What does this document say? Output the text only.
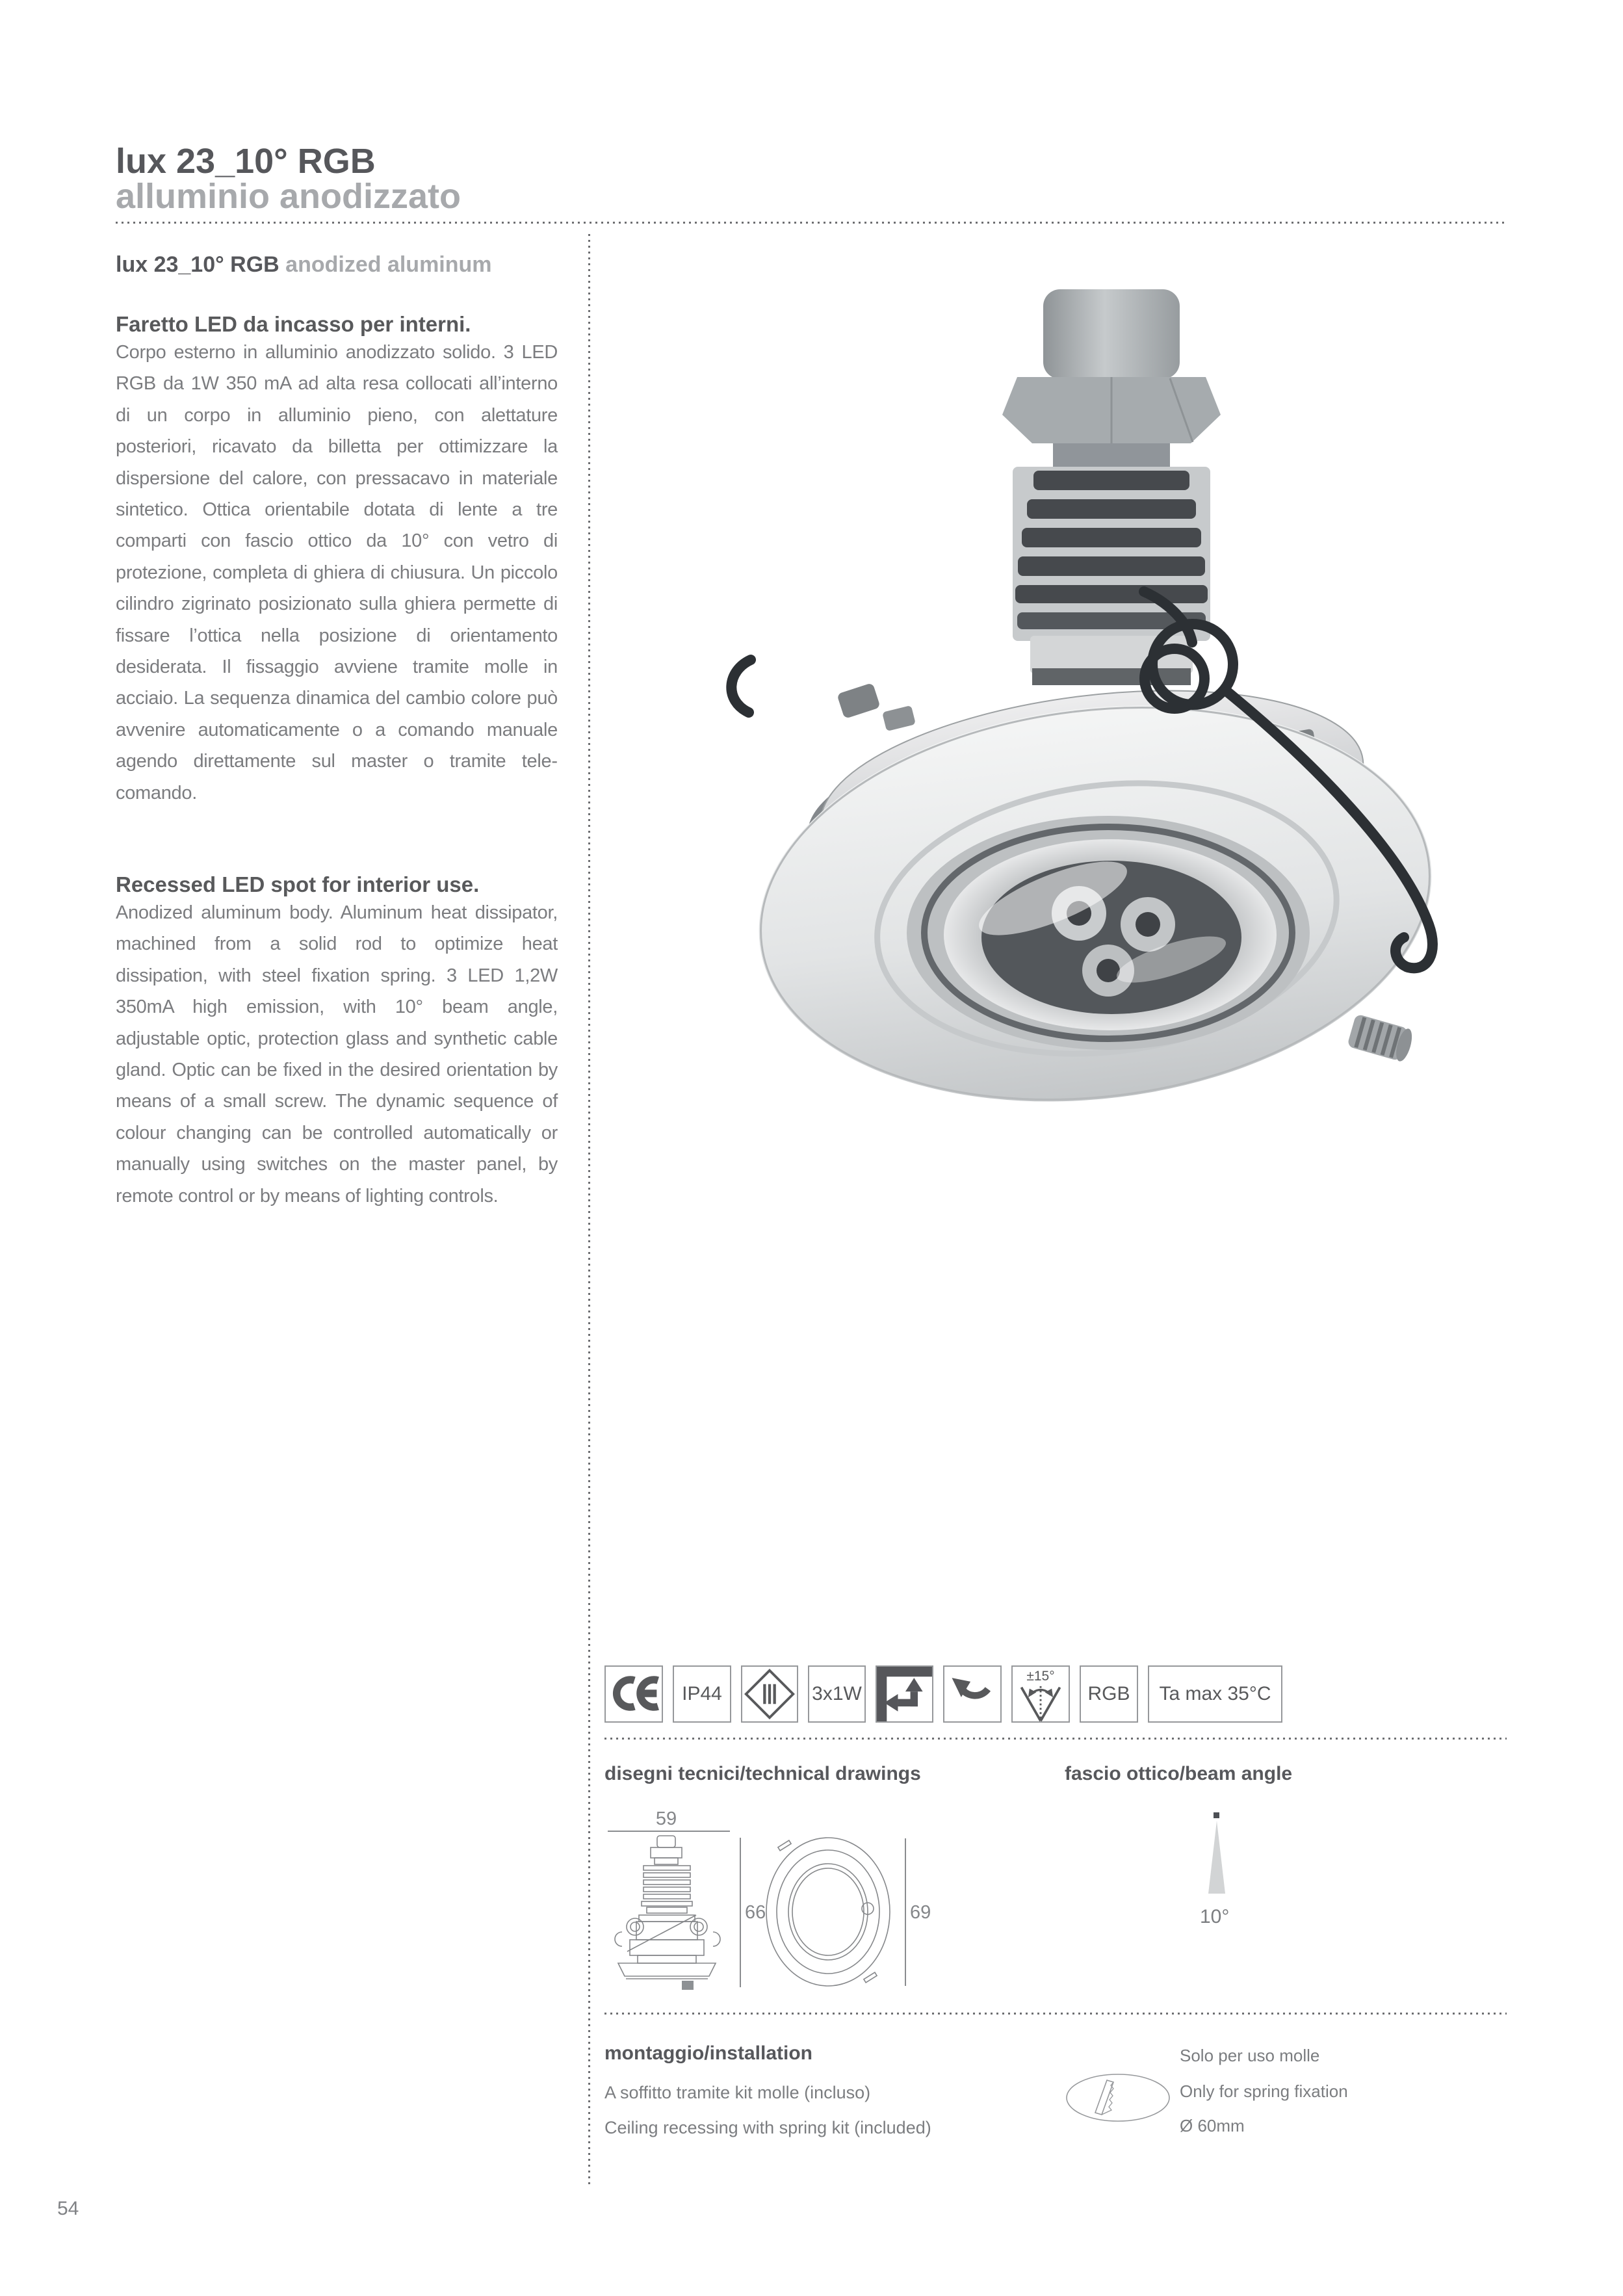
lux 23_10° RGB
alluminio anodizzato
lux 23_10° RGB anodized aluminum
Faretto LED da incasso per interni.
Corpo esterno in alluminio anodizzato solido. 3 LED RGB da 1W 350 mA ad alta resa collocati all’interno di un corpo in alluminio pieno, con alettature posteriori, ricavato da billetta per ottimizzare la dispersione del calore, con pressacavo in materiale sintetico. Ottica orientabile dotata di lente a tre comparti con fascio ottico da 10° con vetro di protezione, completa di ghiera di chiusura. Un piccolo cilindro zigrinato posizionato sulla ghiera permette di fissare l’ottica nella posizione di orientamento desiderata. Il fissaggio avviene tramite molle in acciaio. La sequenza dinamica del cambio colore può avvenire automaticamente o a comando manuale agendo direttamente sul master o tramite telecomando.
Recessed LED spot for interior use.
Anodized aluminum body. Aluminum heat dissipator, machined from a solid rod to optimize heat dissipation, with steel fixation spring. 3 LED 1,2W 350mA high emission, with 10° beam angle, adjustable optic, protection glass and synthetic cable gland. Optic can be fixed in the desired orientation by means of a small screw. The dynamic sequence of colour changing can be controlled automatically or manually using switches on the master panel, by remote control or by means of lighting controls.
IP44	3x1W
±15°
RGB Ta max 35°C
disegni tecnici/technical drawings	fascio ottico/beam angle
59
66	69	10°
montaggio/installation
A soffitto tramite kit molle (incluso)
Ceiling recessing with spring kit (included)
Solo per uso molle
Only for spring fixation
Ø 60mm
54
